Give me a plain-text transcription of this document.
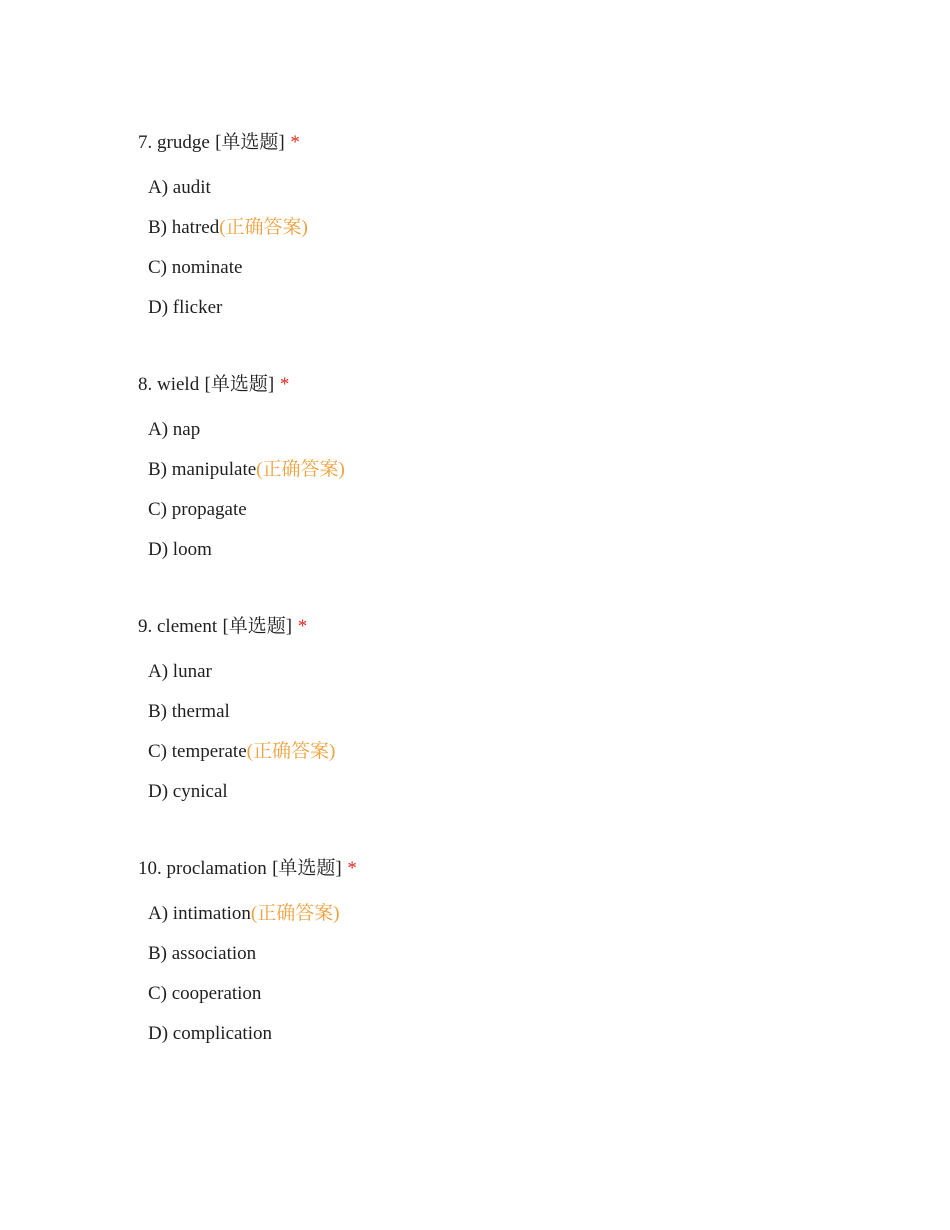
7. grudge [单选题] *
A) audit
B) hatred(正确答案)
C) nominate
D) flicker
8. wield [单选题] *
A) nap
B) manipulate(正确答案)
C) propagate
D) loom
9. clement [单选题] *
A) lunar
B) thermal
C) temperate(正确答案)
D) cynical
10. proclamation [单选题] *
A) intimation(正确答案)
B) association
C) cooperation
D) complication
